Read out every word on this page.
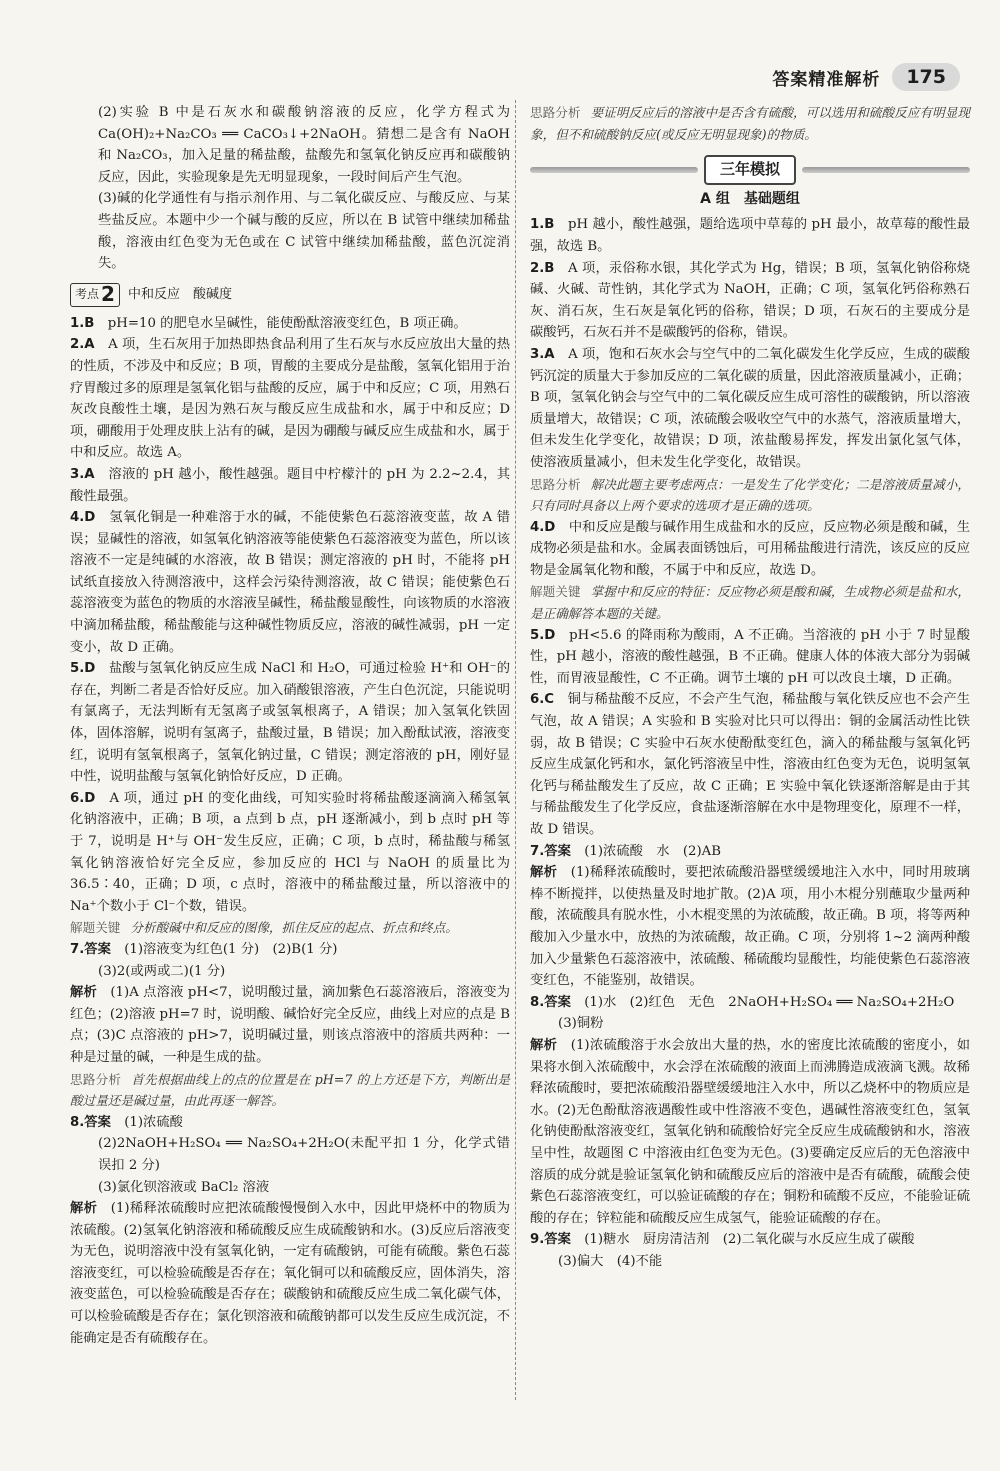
答案精准解析	175

(2)实验 B 中是石灰水和碳酸钠溶液的反应，化学方程式为 Ca(OH)₂+Na₂CO₃ ══ CaCO₃↓+2NaOH。猜想二是含有 NaOH 和 Na₂CO₃，加入足量的稀盐酸，盐酸先和氢氧化钠反应再和碳酸钠反应，因此，实验现象是先无明显现象，一段时间后产生气泡。

(3)碱的化学通性有与指示剂作用、与二氧化碳反应、与酸反应、与某些盐反应。本题中少一个碱与酸的反应，所以在 B 试管中继续加稀盐酸，溶液由红色变为无色或在 C 试管中继续加稀盐酸，蓝色沉淀消失。

考点 2 中和反应　酸碱度

1.B　 pH=10 的肥皂水呈碱性，能使酚酞溶液变红色，B 项正确。

2.A　 A 项，生石灰用于加热即热食品利用了生石灰与水反应放出大量的热的性质，不涉及中和反应；B 项，胃酸的主要成分是盐酸，氢氧化铝用于治疗胃酸过多的原理是氢氧化铝与盐酸的反应，属于中和反应；C 项，用熟石灰改良酸性土壤，是因为熟石灰与酸反应生成盐和水，属于中和反应；D 项，硼酸用于处理皮肤上沾有的碱，是因为硼酸与碱反应生成盐和水，属于中和反应。故选 A。

3.A　 溶液的 pH 越小，酸性越强。题目中柠檬汁的 pH 为 2.2~2.4，其酸性最强。

4.D　 氢氧化铜是一种难溶于水的碱，不能使紫色石蕊溶液变蓝，故 A 错误；显碱性的溶液，如氢氧化钠溶液等能使紫色石蕊溶液变为蓝色，所以该溶液不一定是纯碱的水溶液，故 B 错误；测定溶液的 pH 时，不能将 pH 试纸直接放入待测溶液中，这样会污染待测溶液，故 C 错误；能使紫色石蕊溶液变为蓝色的物质的水溶液呈碱性，稀盐酸显酸性，向该物质的水溶液中滴加稀盐酸，稀盐酸能与这种碱性物质反应，溶液的碱性减弱，pH 一定变小，故 D 正确。

5.D　 盐酸与氢氧化钠反应生成 NaCl 和 H₂O，可通过检验 H⁺和 OH⁻的存在，判断二者是否恰好反应。加入硝酸银溶液，产生白色沉淀，只能说明有氯离子，无法判断有无氢离子或氢氧根离子，A 错误；加入氢氧化铁固体，固体溶解，说明有氢离子，盐酸过量，B 错误；加入酚酞试液，溶液变红，说明有氢氧根离子，氢氧化钠过量，C 错误；测定溶液的 pH，刚好显中性，说明盐酸与氢氧化钠恰好反应，D 正确。

6.D　 A 项，通过 pH 的变化曲线，可知实验时将稀盐酸逐滴滴入稀氢氧化钠溶液中，正确；B 项，a 点到 b 点，pH 逐渐减小，到 b 点时 pH 等于 7，说明是 H⁺与 OH⁻发生反应，正确；C 项，b 点时，稀盐酸与稀氢氧化钠溶液恰好完全反应，参加反应的 HCl 与 NaOH 的质量比为 36.5∶40，正确；D 项，c 点时，溶液中的稀盐酸过量，所以溶液中的 Na⁺个数小于 Cl⁻个数，错误。

解题关键 分析酸碱中和反应的图像，抓住反应的起点、折点和终点。

7.答案　 (1)溶液变为红色(1 分)　(2)B(1 分)

(3)2(或两或二)(1 分)

解析　 (1)A 点溶液 pH<7，说明酸过量，滴加紫色石蕊溶液后，溶液变为红色；(2)溶液 pH=7 时，说明酸、碱恰好完全反应，曲线上对应的点是 B 点；(3)C 点溶液的 pH>7，说明碱过量，则该点溶液中的溶质共两种：一种是过量的碱，一种是生成的盐。

思路分析 首先根据曲线上的点的位置是在 pH=7 的上方还是下方，判断出是酸过量还是碱过量，由此再逐一解答。

8.答案　 (1)浓硫酸

(2)2NaOH+H₂SO₄ ══ Na₂SO₄+2H₂O(未配平扣 1 分，化学式错误扣 2 分)

(3)氯化钡溶液或 BaCl₂ 溶液

解析　 (1)稀释浓硫酸时应把浓硫酸慢慢倒入水中，因此甲烧杯中的物质为浓硫酸。(2)氢氧化钠溶液和稀硫酸反应生成硫酸钠和水。(3)反应后溶液变为无色，说明溶液中没有氢氧化钠，一定有硫酸钠，可能有硫酸。紫色石蕊溶液变红，可以检验硫酸是否存在；氧化铜可以和硫酸反应，固体消失，溶液变蓝色，可以检验硫酸是否存在；碳酸钠和硫酸反应生成二氧化碳气体，可以检验硫酸是否存在；氯化钡溶液和硫酸钠都可以发生反应生成沉淀，不能确定是否有硫酸存在。

思路分析 要证明反应后的溶液中是否含有硫酸，可以选用和硫酸反应有明显现象，但不和硫酸钠反应(或反应无明显现象)的物质。

三年模拟
A 组　基础题组

1.B　 pH 越小，酸性越强，题给选项中草莓的 pH 最小，故草莓的酸性最强，故选 B。

2.B　 A 项，汞俗称水银，其化学式为 Hg，错误；B 项，氢氧化钠俗称烧碱、火碱、苛性钠，其化学式为 NaOH，正确；C 项，氢氧化钙俗称熟石灰、消石灰，生石灰是氧化钙的俗称，错误；D 项，石灰石的主要成分是碳酸钙，石灰石并不是碳酸钙的俗称，错误。

3.A　 A 项，饱和石灰水会与空气中的二氧化碳发生化学反应，生成的碳酸钙沉淀的质量大于参加反应的二氧化碳的质量，因此溶液质量减小，正确；B 项，氢氧化钠会与空气中的二氧化碳反应生成可溶性的碳酸钠，所以溶液质量增大，故错误；C 项，浓硫酸会吸收空气中的水蒸气，溶液质量增大，但未发生化学变化，故错误；D 项，浓盐酸易挥发，挥发出氯化氢气体，使溶液质量减小，但未发生化学变化，故错误。

思路分析 解决此题主要考虑两点：一是发生了化学变化；二是溶液质量减小，只有同时具备以上两个要求的选项才是正确的选项。

4.D　 中和反应是酸与碱作用生成盐和水的反应，反应物必须是酸和碱，生成物必须是盐和水。金属表面锈蚀后，可用稀盐酸进行清洗，该反应的反应物是金属氧化物和酸，不属于中和反应，故选 D。

解题关键 掌握中和反应的特征：反应物必须是酸和碱，生成物必须是盐和水，是正确解答本题的关键。

5.D　 pH<5.6 的降雨称为酸雨，A 不正确。当溶液的 pH 小于 7 时显酸性，pH 越小，溶液的酸性越强，B 不正确。健康人体的体液大部分为弱碱性，而胃液显酸性，C 不正确。调节土壤的 pH 可以改良土壤，D 正确。

6.C　 铜与稀盐酸不反应，不会产生气泡，稀盐酸与氧化铁反应也不会产生气泡，故 A 错误；A 实验和 B 实验对比只可以得出：铜的金属活动性比铁弱，故 B 错误；C 实验中石灰水使酚酞变红色，滴入的稀盐酸与氢氧化钙反应生成氯化钙和水，氯化钙溶液呈中性，溶液由红色变为无色，说明氢氧化钙与稀盐酸发生了反应，故 C 正确；E 实验中氧化铁逐渐溶解是由于其与稀盐酸发生了化学反应，食盐逐渐溶解在水中是物理变化，原理不一样，故 D 错误。

7.答案　 (1)浓硫酸　水　(2)AB

解析　 (1)稀释浓硫酸时，要把浓硫酸沿器壁缓缓地注入水中，同时用玻璃棒不断搅拌，以使热量及时地扩散。(2)A 项，用小木棍分别蘸取少量两种酸，浓硫酸具有脱水性，小木棍变黑的为浓硫酸，故正确。B 项，将等两种酸加入少量水中，放热的为浓硫酸，故正确。C 项，分别将 1~2 滴两种酸加入少量紫色石蕊溶液中，浓硫酸、稀硫酸均显酸性，均能使紫色石蕊溶液变红色，不能鉴别，故错误。

8.答案　 (1)水　(2)红色　无色　2NaOH+H₂SO₄ ══ Na₂SO₄+2H₂O

(3)铜粉

解析　 (1)浓硫酸溶于水会放出大量的热，水的密度比浓硫酸的密度小，如果将水倒入浓硫酸中，水会浮在浓硫酸的液面上而沸腾造成液滴飞溅。故稀释浓硫酸时，要把浓硫酸沿器壁缓缓地注入水中，所以乙烧杯中的物质应是水。(2)无色酚酞溶液遇酸性或中性溶液不变色，遇碱性溶液变红色，氢氧化钠使酚酞溶液变红，氢氧化钠和硫酸恰好完全反应生成硫酸钠和水，溶液呈中性，故题图 C 中溶液由红色变为无色。(3)要确定反应后的无色溶液中溶质的成分就是验证氢氧化钠和硫酸反应后的溶液中是否有硫酸，硫酸会使紫色石蕊溶液变红，可以验证硫酸的存在；铜粉和硫酸不反应，不能验证硫酸的存在；锌粒能和硫酸反应生成氢气，能验证硫酸的存在。

9.答案　 (1)糖水　厨房清洁剂　(2)二氧化碳与水反应生成了碳酸

(3)偏大　(4)不能
